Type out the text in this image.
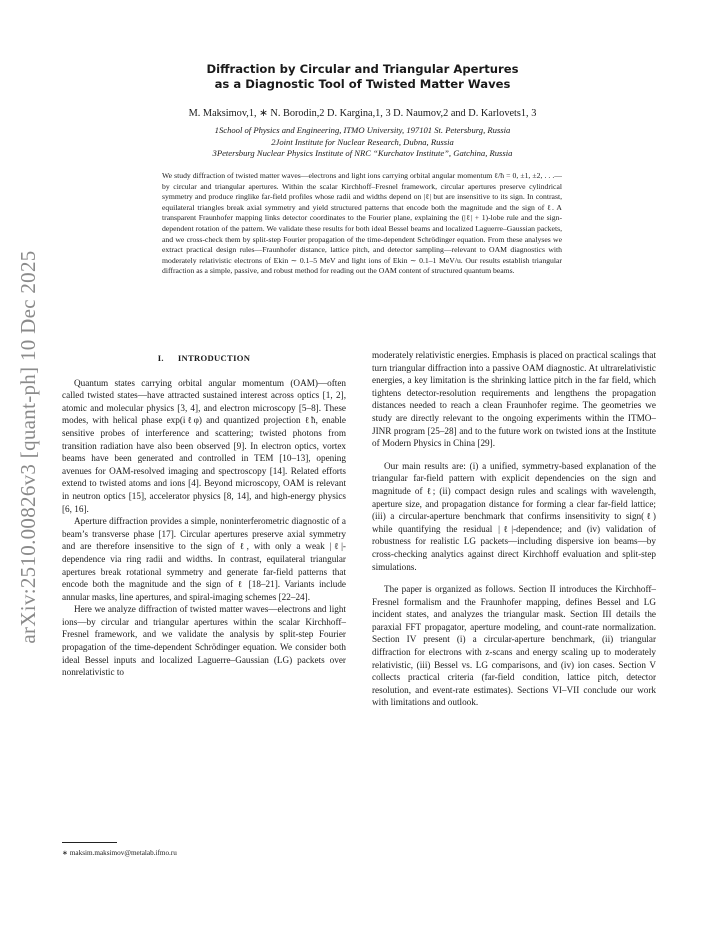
arXiv:2510.00826v3 [quant-ph] 10 Dec 2025
Diffraction by Circular and Triangular Apertures
as a Diagnostic Tool of Twisted Matter Waves
M. Maksimov,1, ∗ N. Borodin,2 D. Kargina,1, 3 D. Naumov,2 and D. Karlovets1, 3
1School of Physics and Engineering, ITMO University, 197101 St. Petersburg, Russia
2Joint Institute for Nuclear Research, Dubna, Russia
3Petersburg Nuclear Physics Institute of NRC “Kurchatov Institute”, Gatchina, Russia
We study diffraction of twisted matter waves—electrons and light ions carrying orbital angular momentum ℓ/ħ = 0, ±1, ±2, . . .—by circular and triangular apertures. Within the scalar Kirchhoff–Fresnel framework, circular apertures preserve cylindrical symmetry and produce ringlike far-field profiles whose radii and widths depend on |ℓ| but are insensitive to its sign. In contrast, equilateral triangles break axial symmetry and yield structured patterns that encode both the magnitude and the sign of ℓ. A transparent Fraunhofer mapping links detector coordinates to the Fourier plane, explaining the (|ℓ| + 1)-lobe rule and the sign-dependent rotation of the pattern. We validate these results for both ideal Bessel beams and localized Laguerre–Gaussian packets, and we cross-check them by split-step Fourier propagation of the time-dependent Schrödinger equation. From these analyses we extract practical design rules—Fraunhofer distance, lattice pitch, and detector sampling—relevant to OAM diagnostics with moderately relativistic electrons of Ekin ∼ 0.1–5 MeV and light ions of Ekin ∼ 0.1–1 MeV/u. Our results establish triangular diffraction as a simple, passive, and robust method for reading out the OAM content of structured quantum beams.
I. INTRODUCTION

Quantum states carrying orbital angular momentum (OAM)—often called twisted states—have attracted sustained interest across optics [1, 2], atomic and molecular physics [3, 4], and electron microscopy [5–8]. These modes, with helical phase exp(iℓφ) and quantized projection ℓħ, enable sensitive probes of interference and scattering; twisted photons from transition radiation have also been observed [9]. In electron optics, vortex beams have been generated and controlled in TEM [10–13], opening avenues for OAM-resolved imaging and spectroscopy [14]. Related efforts extend to twisted atoms and ions [4]. Beyond microscopy, OAM is relevant in neutron optics [15], accelerator physics [8, 14], and high-energy physics [6, 16].

Aperture diffraction provides a simple, noninterferometric diagnostic of a beam’s transverse phase [17]. Circular apertures preserve axial symmetry and are therefore insensitive to the sign of ℓ, with only a weak |ℓ|-dependence via ring radii and widths. In contrast, equilateral triangular apertures break rotational symmetry and generate far-field patterns that encode both the magnitude and the sign of ℓ [18–21]. Variants include annular masks, line apertures, and spiral-imaging schemes [22–24].

Here we analyze diffraction of twisted matter waves—electrons and light ions—by circular and triangular apertures within the scalar Kirchhoff–Fresnel framework, and we validate the analysis by split-step Fourier propagation of the time-dependent Schrödinger equation. We consider both ideal Bessel inputs and localized Laguerre–Gaussian (LG) packets over nonrelativistic to

moderately relativistic energies. Emphasis is placed on practical scalings that turn triangular diffraction into a passive OAM diagnostic. At ultrarelativistic energies, a key limitation is the shrinking lattice pitch in the far field, which tightens detector-resolution requirements and lengthens the propagation distances needed to reach a clean Fraunhofer regime. The geometries we study are directly relevant to the ongoing experiments within the ITMO–JINR program [25–28] and to the future work on twisted ions at the Institute of Modern Physics in China [29].

Our main results are: (i) a unified, symmetry-based explanation of the triangular far-field pattern with explicit dependencies on the sign and magnitude of ℓ; (ii) compact design rules and scalings with wavelength, aperture size, and propagation distance for forming a clear far-field lattice; (iii) a circular-aperture benchmark that confirms insensitivity to sign(ℓ) while quantifying the residual |ℓ|-dependence; and (iv) validation of robustness for realistic LG packets—including dispersive ion beams—by cross-checking analytics against direct Kirchhoff evaluation and split-step simulations.

The paper is organized as follows. Section II introduces the Kirchhoff–Fresnel formalism and the Fraunhofer mapping, defines Bessel and LG incident states, and analyzes the triangular mask. Section III details the paraxial FFT propagator, aperture modeling, and count-rate normalization. Section IV present (i) a circular-aperture benchmark, (ii) triangular diffraction for electrons with z-scans and energy scaling up to moderately relativistic, (iii) Bessel vs. LG comparisons, and (iv) ion cases. Section V collects practical criteria (far-field condition, lattice pitch, detector resolution, and event-rate estimates). Sections VI–VII conclude our work with limitations and outlook.

∗ maksim.maksimov@metalab.ifmo.ru
